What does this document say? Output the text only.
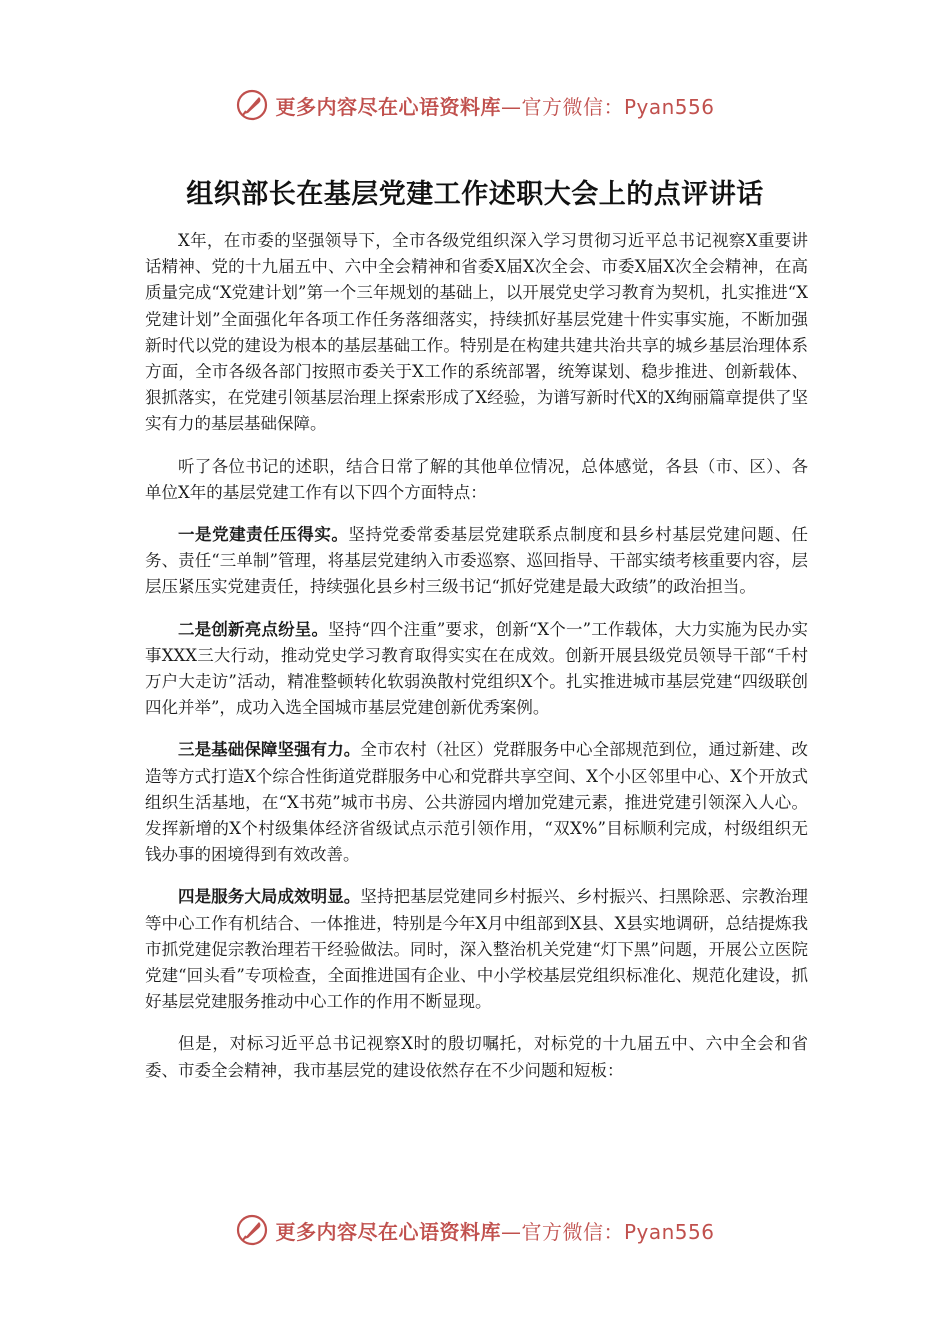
更多内容尽在心语资料库—官方微信：Pyan556
组织部长在基层党建工作述职大会上的点评讲话

X年，在市委的坚强领导下，全市各级党组织深入学习贯彻习近平总书记视察X重要讲话精神、党的十九届五中、六中全会精神和省委X届X次全会、市委X届X次全会精神，在高质量完成“X党建计划”第一个三年规划的基础上，以开展党史学习教育为契机，扎实推进“X党建计划”全面强化年各项工作任务落细落实，持续抓好基层党建十件实事实施，不断加强新时代以党的建设为根本的基层基础工作。特别是在构建共建共治共享的城乡基层治理体系方面，全市各级各部门按照市委关于X工作的系统部署，统筹谋划、稳步推进、创新载体、狠抓落实，在党建引领基层治理上探索形成了X经验，为谱写新时代X的X绚丽篇章提供了坚实有力的基层基础保障。

听了各位书记的述职，结合日常了解的其他单位情况，总体感觉，各县（市、区）、各单位X年的基层党建工作有以下四个方面特点：

一是党建责任压得实。坚持党委常委基层党建联系点制度和县乡村基层党建问题、任务、责任“三单制”管理，将基层党建纳入市委巡察、巡回指导、干部实绩考核重要内容，层层压紧压实党建责任，持续强化县乡村三级书记“抓好党建是最大政绩”的政治担当。

二是创新亮点纷呈。坚持“四个注重”要求，创新“X个一”工作载体，大力实施为民办实事XXX三大行动，推动党史学习教育取得实实在在成效。创新开展县级党员领导干部“千村万户大走访”活动，精准整顿转化软弱涣散村党组织X个。扎实推进城市基层党建“四级联创四化并举”，成功入选全国城市基层党建创新优秀案例。

三是基础保障坚强有力。全市农村（社区）党群服务中心全部规范到位，通过新建、改造等方式打造X个综合性街道党群服务中心和党群共享空间、X个小区邻里中心、X个开放式组织生活基地，在“X书苑”城市书房、公共游园内增加党建元素，推进党建引领深入人心。发挥新增的X个村级集体经济省级试点示范引领作用，“双X%”目标顺利完成，村级组织无钱办事的困境得到有效改善。

四是服务大局成效明显。坚持把基层党建同乡村振兴、乡村振兴、扫黑除恶、宗教治理等中心工作有机结合、一体推进，特别是今年X月中组部到X县、X县实地调研，总结提炼我市抓党建促宗教治理若干经验做法。同时，深入整治机关党建“灯下黑”问题，开展公立医院党建“回头看”专项检查，全面推进国有企业、中小学校基层党组织标准化、规范化建设，抓好基层党建服务推动中心工作的作用不断显现。

但是，对标习近平总书记视察X时的殷切嘱托，对标党的十九届五中、六中全会和省委、市委全会精神，我市基层党的建设依然存在不少问题和短板：

更多内容尽在心语资料库—官方微信：Pyan556
